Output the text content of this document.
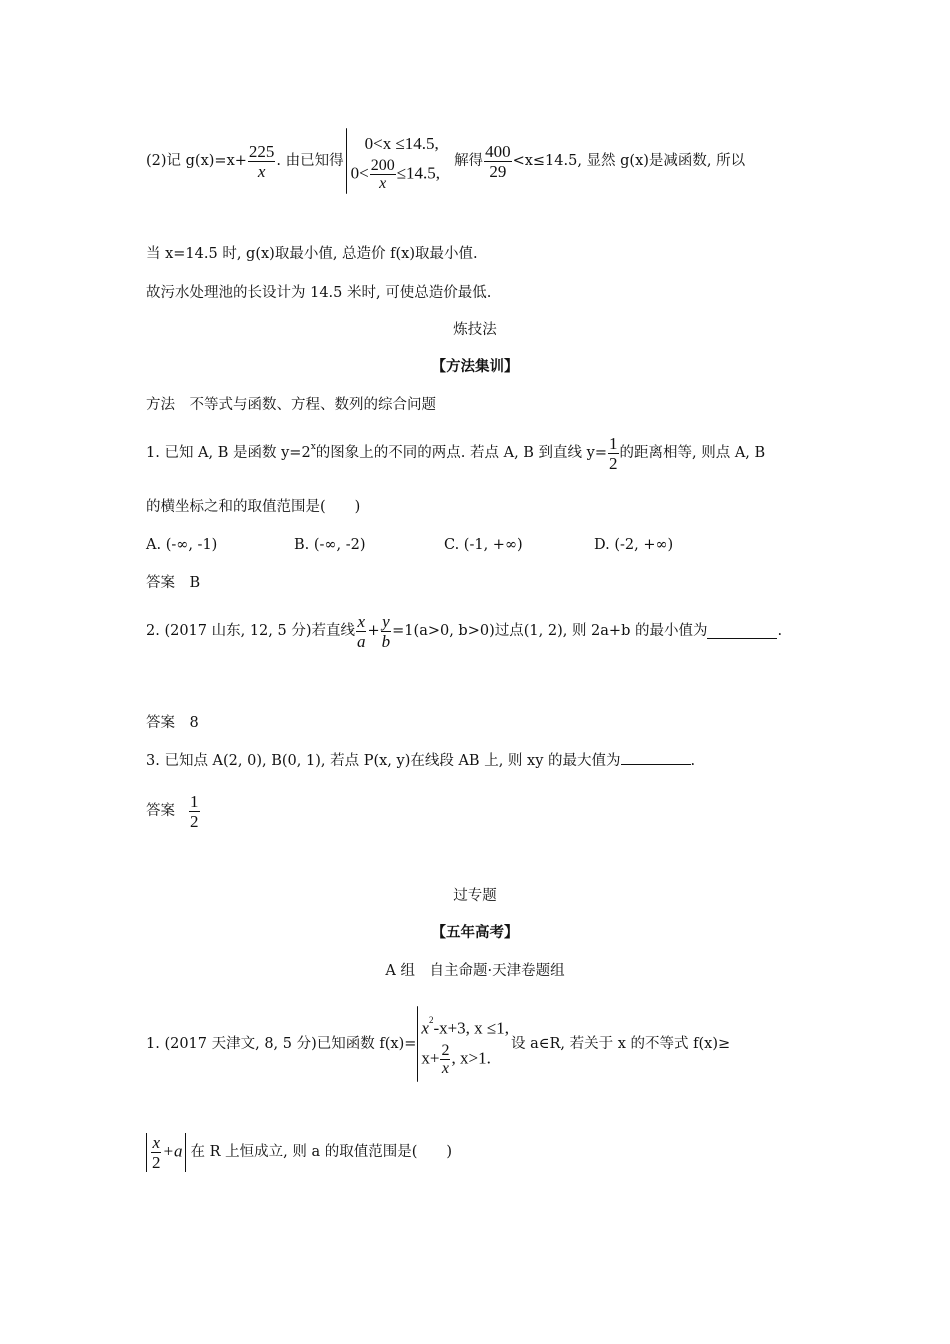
(2)记 $g(x)=x+ \frac{225}{x}$ . 由已知得
0<x ≤14.5,
$0< \frac{200}{x} \le 14.5$,
解得 $\frac{400}{29} <x\le 14.5$, 显然 g(x)是减函数, 所以
当 x=14.5 时, g(x)取最小值, 总造价 f(x)取最小值.
故污水处理池的长设计为 14.5 米时, 可使总造价最低.
炼技法
【方法集训】
方法　不等式与函数、方程、数列的综合问题
1. 已知 A, B 是函数 $y=2^x$ 的图象上的不同的两点. 若点 A, B 到直线 $y= \frac{1}{2}$ 的距离相等, 则点 A, B
的横坐标之和的取值范围是(　　)
A. (-∞, -1)	B. (-∞, -2)	C. (-1, +∞)	D. (-2, +∞)
答案　B
2. (2017 山东, 12, 5 分)若直线 $\frac{x}{a} + \frac{y}{b} =1(a>0$, b>0)过点(1, 2), 则 2a+b 的最小值为	.
答案　8
3. 已知点 A(2, 0), B(0, 1), 若点 P(x, y)在线段 AB 上, 则 xy 的最大值为	.
答案 $\frac{1}{2}$
过专题
【五年高考】
A 组　自主命题·天津卷题组
1. (2017 天津文, 8, 5 分)已知函数 f(x)=
$x^2-x+3$, x ≤1,
$x+ \frac{2}{x}$ , x>1.
设 a∈R, 若关于 x 的不等式 f(x)≥
$\frac{x}{2} +a$ 在 R 上恒成立, 则 a 的取值范围是(　　)
